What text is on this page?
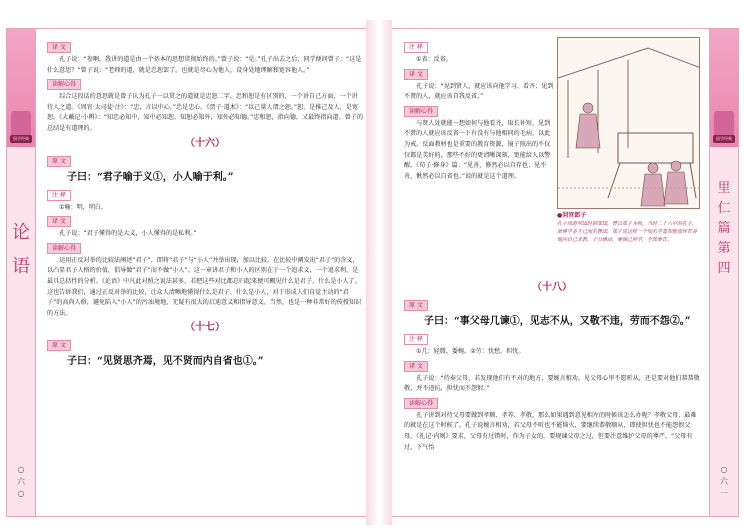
译 文

孔子说：“参啊，我讲的道是由一个基本的思想贯彻始终的。”曾子说：“是。”孔子出去之后，同学便问曾子：“这是什么意思？”曾子说：“老师的道，就是忠恕罢了。也就是尽心为他人，设身处地理解和宽容他人。”

读解心得

综合这段话的意思就是曾子认为孔子一以贯之的道就是忠恕二字。忠和恕是有区别的，一个讲自己方面，一个讲待人之道。《周官·大司徒·注》：“忠，言以中心。”忠是忠心。《贾子·道术》：“以己量人谓之恕。”恕，是推己及人，是宽恕。《大戴记·小辨》：“知忠必知中，知中必知恕，知恕必知外，知外必知德。”忠和恕，指向德，又最终指向道。曾子的总结是有道理的。

（十六）
原 文

子曰：“君子喻于义①，小人喻于利。”

注 释

①喻：明，明白。

译 文

孔子说：“君子懂得的是大义，小人懂得的是私利。”

读解心得

运用正反对举的比较法阐述“君子”，即将“君子”与“小人”并举出现，加以比较，在比较中阐发出“君子”的含义，以凸显君子人格的价值，倡导做“君子”而不做“小人”。这一章讲君子和小人的区别在于一个追求义，一个追求利，是最具总括性的分析。《论语》中凡此对照之说法甚多，若把这些对比都总归起来便可概见什么是君子、什么是小人了。这也告诉我们，通过正反对举的比较，让众人清晰地懂得什么是君子、什么是小人，对于形成人们自觉主动的“君子”的高尚人格，避免陷入“小人”的污浊境地，无疑有很大的启迪意义和指导意义。当然，也是一种非常好的传授知识的方法。

（十七）
原 文

子曰：“见贤思齐焉，见不贤而内自省也①。”

国学经典
论
语
○
六
○
注 释

①省：反省。

译 文

孔子说：“见到贤人，就应该向他学习、看齐；见到不贤的人，就应该自我反省。”

读解心得

与贤人处就能一想如何与他看齐，取长补短，见到不贤的人就应该反省一下有没有与他相同的毛病，以此为戒。反面教材也是重要的教育资源，镜子照出的不仅仅都是美好的，那些不好的更清晰深刻，更能给人以警醒。《荀子·修身》篇：“见善，修然必以自存也；见不善，愀然必以自省也。”说的就是这个道理。

●问官郎子
孔子周游列国时到郑国，曾以郑子为师，当时二十六岁的孔子，虽博学多才已闻名鲁国，郑子见这样一个知名学者却能虚怀若谷地向自己求教，十分感动，便倾己所学，全部奉告。
（十八）
原 文

子曰：“事父母几谏①，见志不从，又敬不违，劳而不怨②。”

注 释

①几：轻微、委婉。②劳：忧愁，担忧。

译 文

孔子说：“侍奉父母，若发现他们有不对的地方，要婉言相劝。见父母心里不愿听从，还是要对他们恭恭敬敬，并不违抗，担忧而不怨恨。”

读解心得

孔子讲到对待父母要做到孝顺、孝养、孝敬，那么如果遇到意见相左的时候该怎么办呢？孝敬父母，最难的就是在这个时候了。孔子说婉言相劝，若父母不听也不能恼火，要继续恭敬顺从，即使担忧也不能怨恨父母。《礼记·内则》要求，父母有过错时，作为子女的，要规谏父母之过，但要注意维护父母的尊严。“父母有过，下气怡

国学经典
里
仁
篇
第
四
○
六
一
